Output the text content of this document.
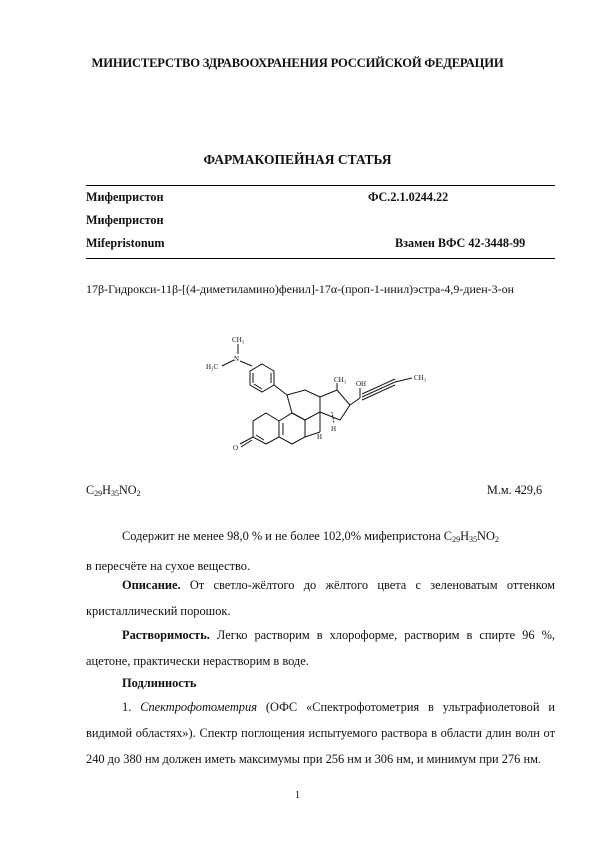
МИНИСТЕРСТВО ЗДРАВООХРАНЕНИЯ РОССИЙСКОЙ ФЕДЕРАЦИИ
ФАРМАКОПЕЙНАЯ СТАТЬЯ
Мифепристон	ФС.2.1.0244.22
Мифепристон
Mifepristonum	Взамен ВФС 42-3448-99
17β-Гидрокси-11β-[(4-диметиламино)фенил]-17α-(проп-1-инил)эстра-4,9-диен-3-он
CH₃
N
H₃C
CH₃ OH
CH₃
H
H
O
$C_{29}H_{35}NO_2$	М.м. 429,6
Содержит не менее 98,0 % и не более 102,0% мифепристона $C_{29}H_{35}NO_2$
в пересчёте на сухое вещество.
Описание. От светло-жёлтого до жёлтого цвета с зеленоватым оттенком кристаллический порошок.
Растворимость. Легко растворим в хлороформе, растворим в спирте 96 %, ацетоне, практически нерастворим в воде.
Подлинность
1. Спектрофотометрия (ОФС «Спектрофотометрия в ультрафиолетовой и видимой областях»). Спектр поглощения испытуемого раствора в области длин волн от 240 до 380 нм должен иметь максимумы при 256 нм и 306 нм, и минимум при 276 нм.
1
